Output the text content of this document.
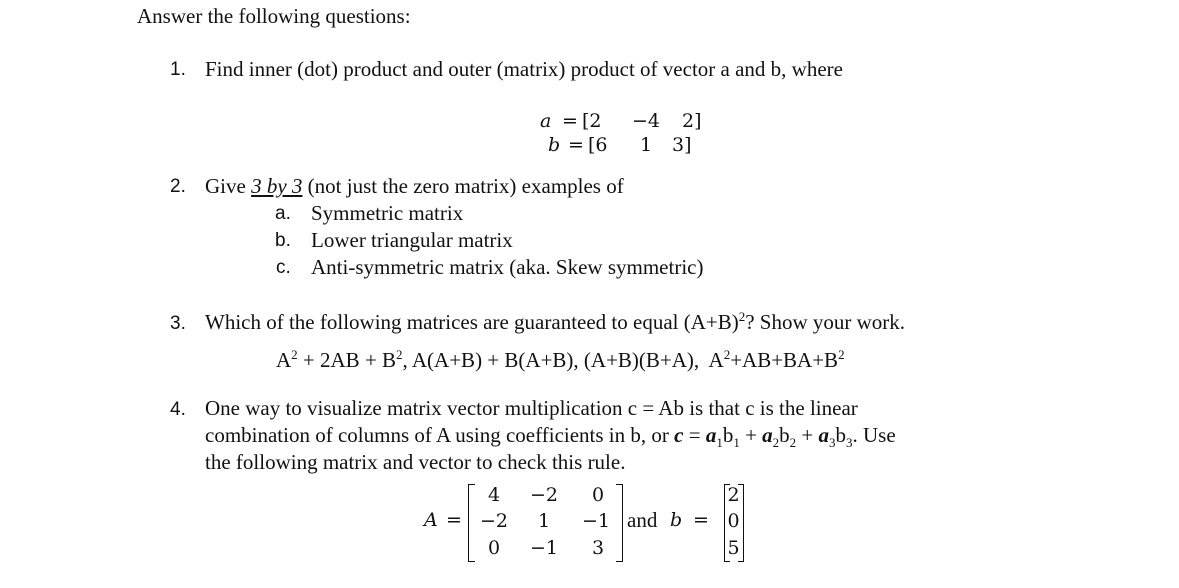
Answer the following questions:
1. Find inner (dot) product and outer (matrix) product of vector a and b, where
a = [2 −4 2]
b = [6 1 3]
2. Give 3 by 3 (not just the zero matrix) examples of
a. Symmetric matrix
b. Lower triangular matrix
c. Anti-symmetric matrix (aka. Skew symmetric)
3. Which of the following matrices are guaranteed to equal $(A+B)^2$? Show your work.
$A^2 + 2AB + B^2$, A(A+B) + B(A+B), (A+B)(B+A), $A^2+AB+BA+B^2$
4. One way to visualize matrix vector multiplication c = Ab is that c is the linear
combination of columns of A using coefficients in b, or $c = a_1b_1 + a_2b_2 + a_3b_3$. Use
the following matrix and vector to check this rule.
A =
4	−2	0
−2	1	−1
0	−1	3
and b =
2
0
5
